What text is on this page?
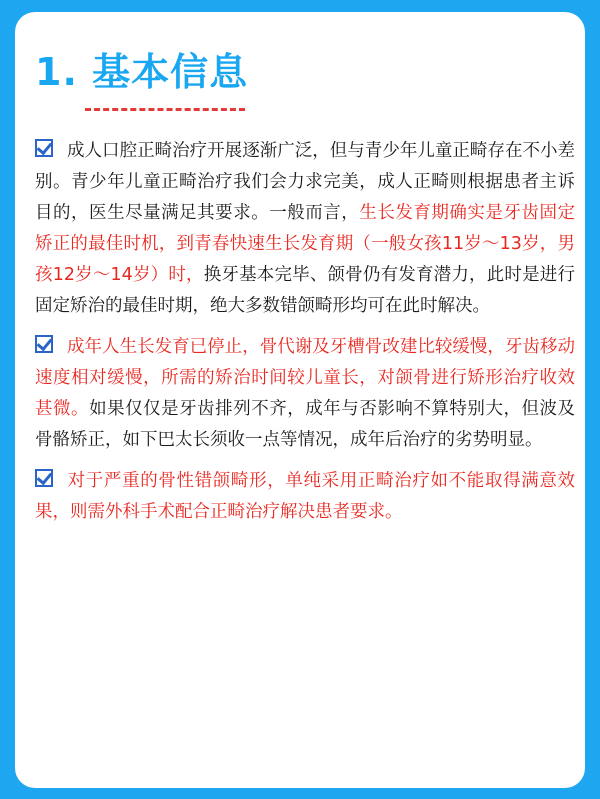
1. 基本信息

成人口腔正畸治疗开展逐渐广泛，但与青少年儿童正畸存在不小差别。青少年儿童正畸治疗我们会力求完美，成人正畸则根据患者主诉目的，医生尽量满足其要求。一般而言，生长发育期确实是牙齿固定矫正的最佳时机，到青春快速生长发育期（一般女孩11岁～13岁，男孩12岁～14岁）时，换牙基本完毕、颌骨仍有发育潜力，此时是进行固定矫治的最佳时期，绝大多数错颌畸形均可在此时解决。

成年人生长发育已停止，骨代谢及牙槽骨改建比较缓慢，牙齿移动速度相对缓慢，所需的矫治时间较儿童长，对颌骨进行矫形治疗收效甚微。如果仅仅是牙齿排列不齐，成年与否影响不算特别大，但波及骨骼矫正，如下巴太长须收一点等情况，成年后治疗的劣势明显。

对于严重的骨性错颌畸形，单纯采用正畸治疗如不能取得满意效果，则需外科手术配合正畸治疗解决患者要求。
